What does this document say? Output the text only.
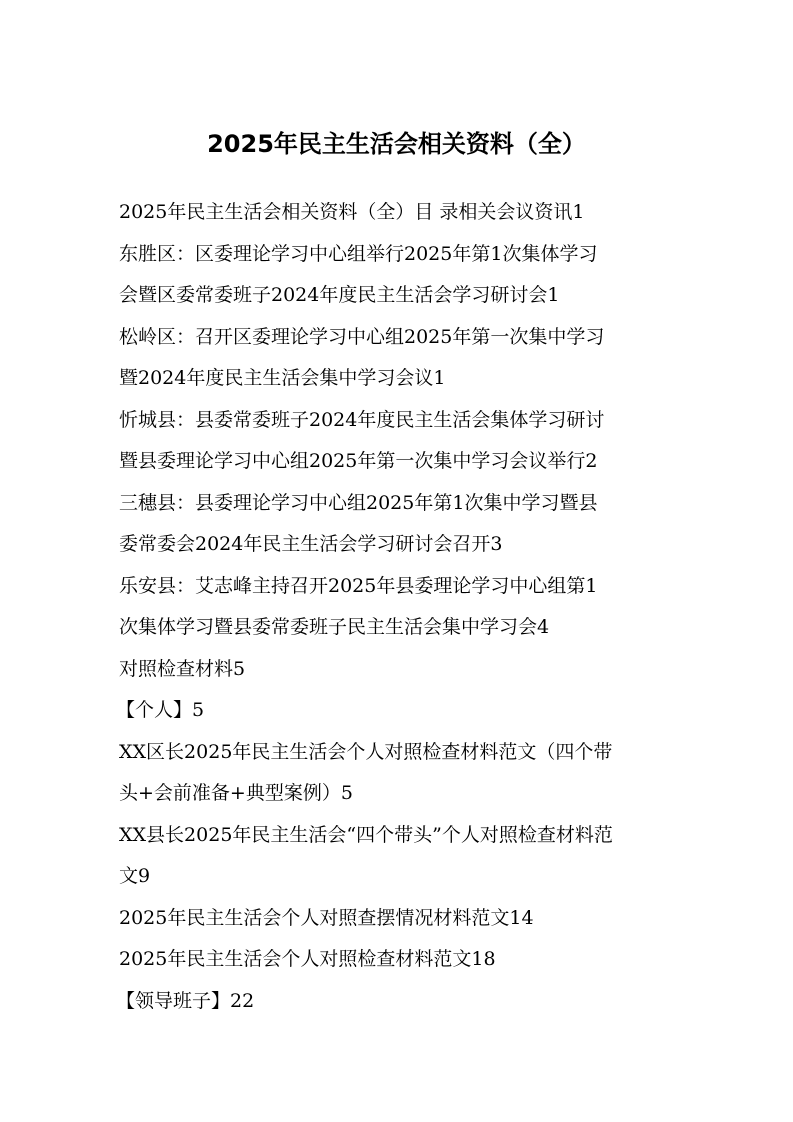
2025年民主生活会相关资料（全）
2025年民主生活会相关资料（全）目 录相关会议资讯1
东胜区：区委理论学习中心组举行2025年第1次集体学习
会暨区委常委班子2024年度民主生活会学习研讨会1
松岭区：召开区委理论学习中心组2025年第一次集中学习
暨2024年度民主生活会集中学习会议1
忻城县：县委常委班子2024年度民主生活会集体学习研讨
暨县委理论学习中心组2025年第一次集中学习会议举行2
三穗县：县委理论学习中心组2025年第1次集中学习暨县
委常委会2024年民主生活会学习研讨会召开3
乐安县：艾志峰主持召开2025年县委理论学习中心组第1
次集体学习暨县委常委班子民主生活会集中学习会4
对照检查材料5
【个人】5
XX区长2025年民主生活会个人对照检查材料范文（四个带
头+会前准备+典型案例）5
XX县长2025年民主生活会“四个带头”个人对照检查材料范
文9
2025年民主生活会个人对照查摆情况材料范文14
2025年民主生活会个人对照检查材料范文18
【领导班子】22
